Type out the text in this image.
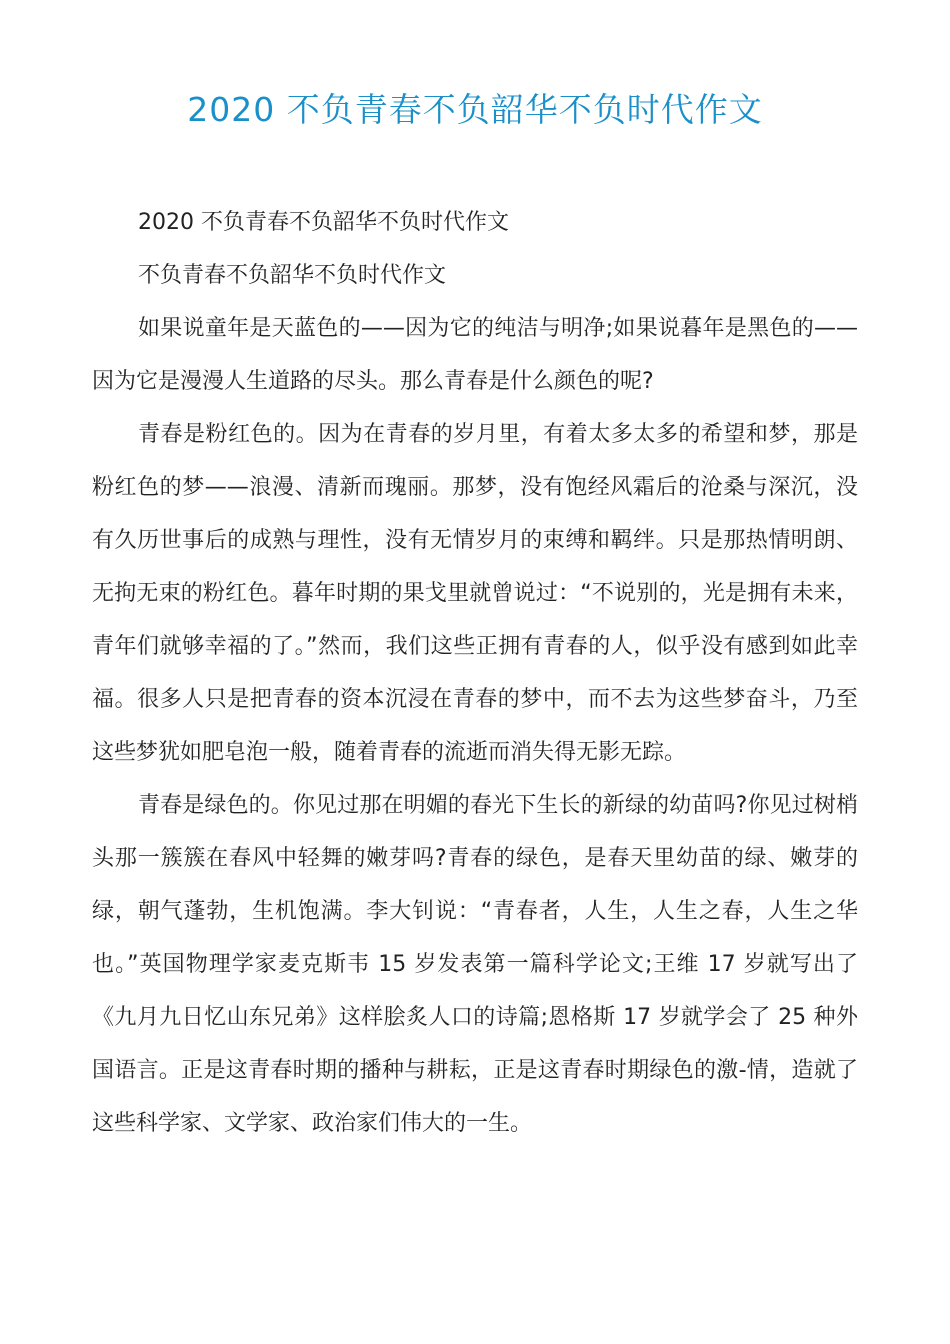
2020 不负青春不负韶华不负时代作文

2020 不负青春不负韶华不负时代作文

不负青春不负韶华不负时代作文

如果说童年是天蓝色的——因为它的纯洁与明净;如果说暮年是黑色的——因为它是漫漫人生道路的尽头。那么青春是什么颜色的呢?

青春是粉红色的。因为在青春的岁月里，有着太多太多的希望和梦，那是粉红色的梦——浪漫、清新而瑰丽。那梦，没有饱经风霜后的沧桑与深沉，没有久历世事后的成熟与理性，没有无情岁月的束缚和羁绊。只是那热情明朗、无拘无束的粉红色。暮年时期的果戈里就曾说过：“不说别的，光是拥有未来，青年们就够幸福的了。”然而，我们这些正拥有青春的人，似乎没有感到如此幸福。很多人只是把青春的资本沉浸在青春的梦中，而不去为这些梦奋斗，乃至这些梦犹如肥皂泡一般，随着青春的流逝而消失得无影无踪。

青春是绿色的。你见过那在明媚的春光下生长的新绿的幼苗吗?你见过树梢头那一簇簇在春风中轻舞的嫩芽吗?青春的绿色，是春天里幼苗的绿、嫩芽的绿，朝气蓬勃，生机饱满。李大钊说：“青春者，人生，人生之春，人生之华也。”英国物理学家麦克斯韦 15 岁发表第一篇科学论文;王维 17 岁就写出了《九月九日忆山东兄弟》这样脍炙人口的诗篇;恩格斯 17 岁就学会了 25 种外国语言。正是这青春时期的播种与耕耘，正是这青春时期绿色的激-情，造就了这些科学家、文学家、政治家们伟大的一生。
